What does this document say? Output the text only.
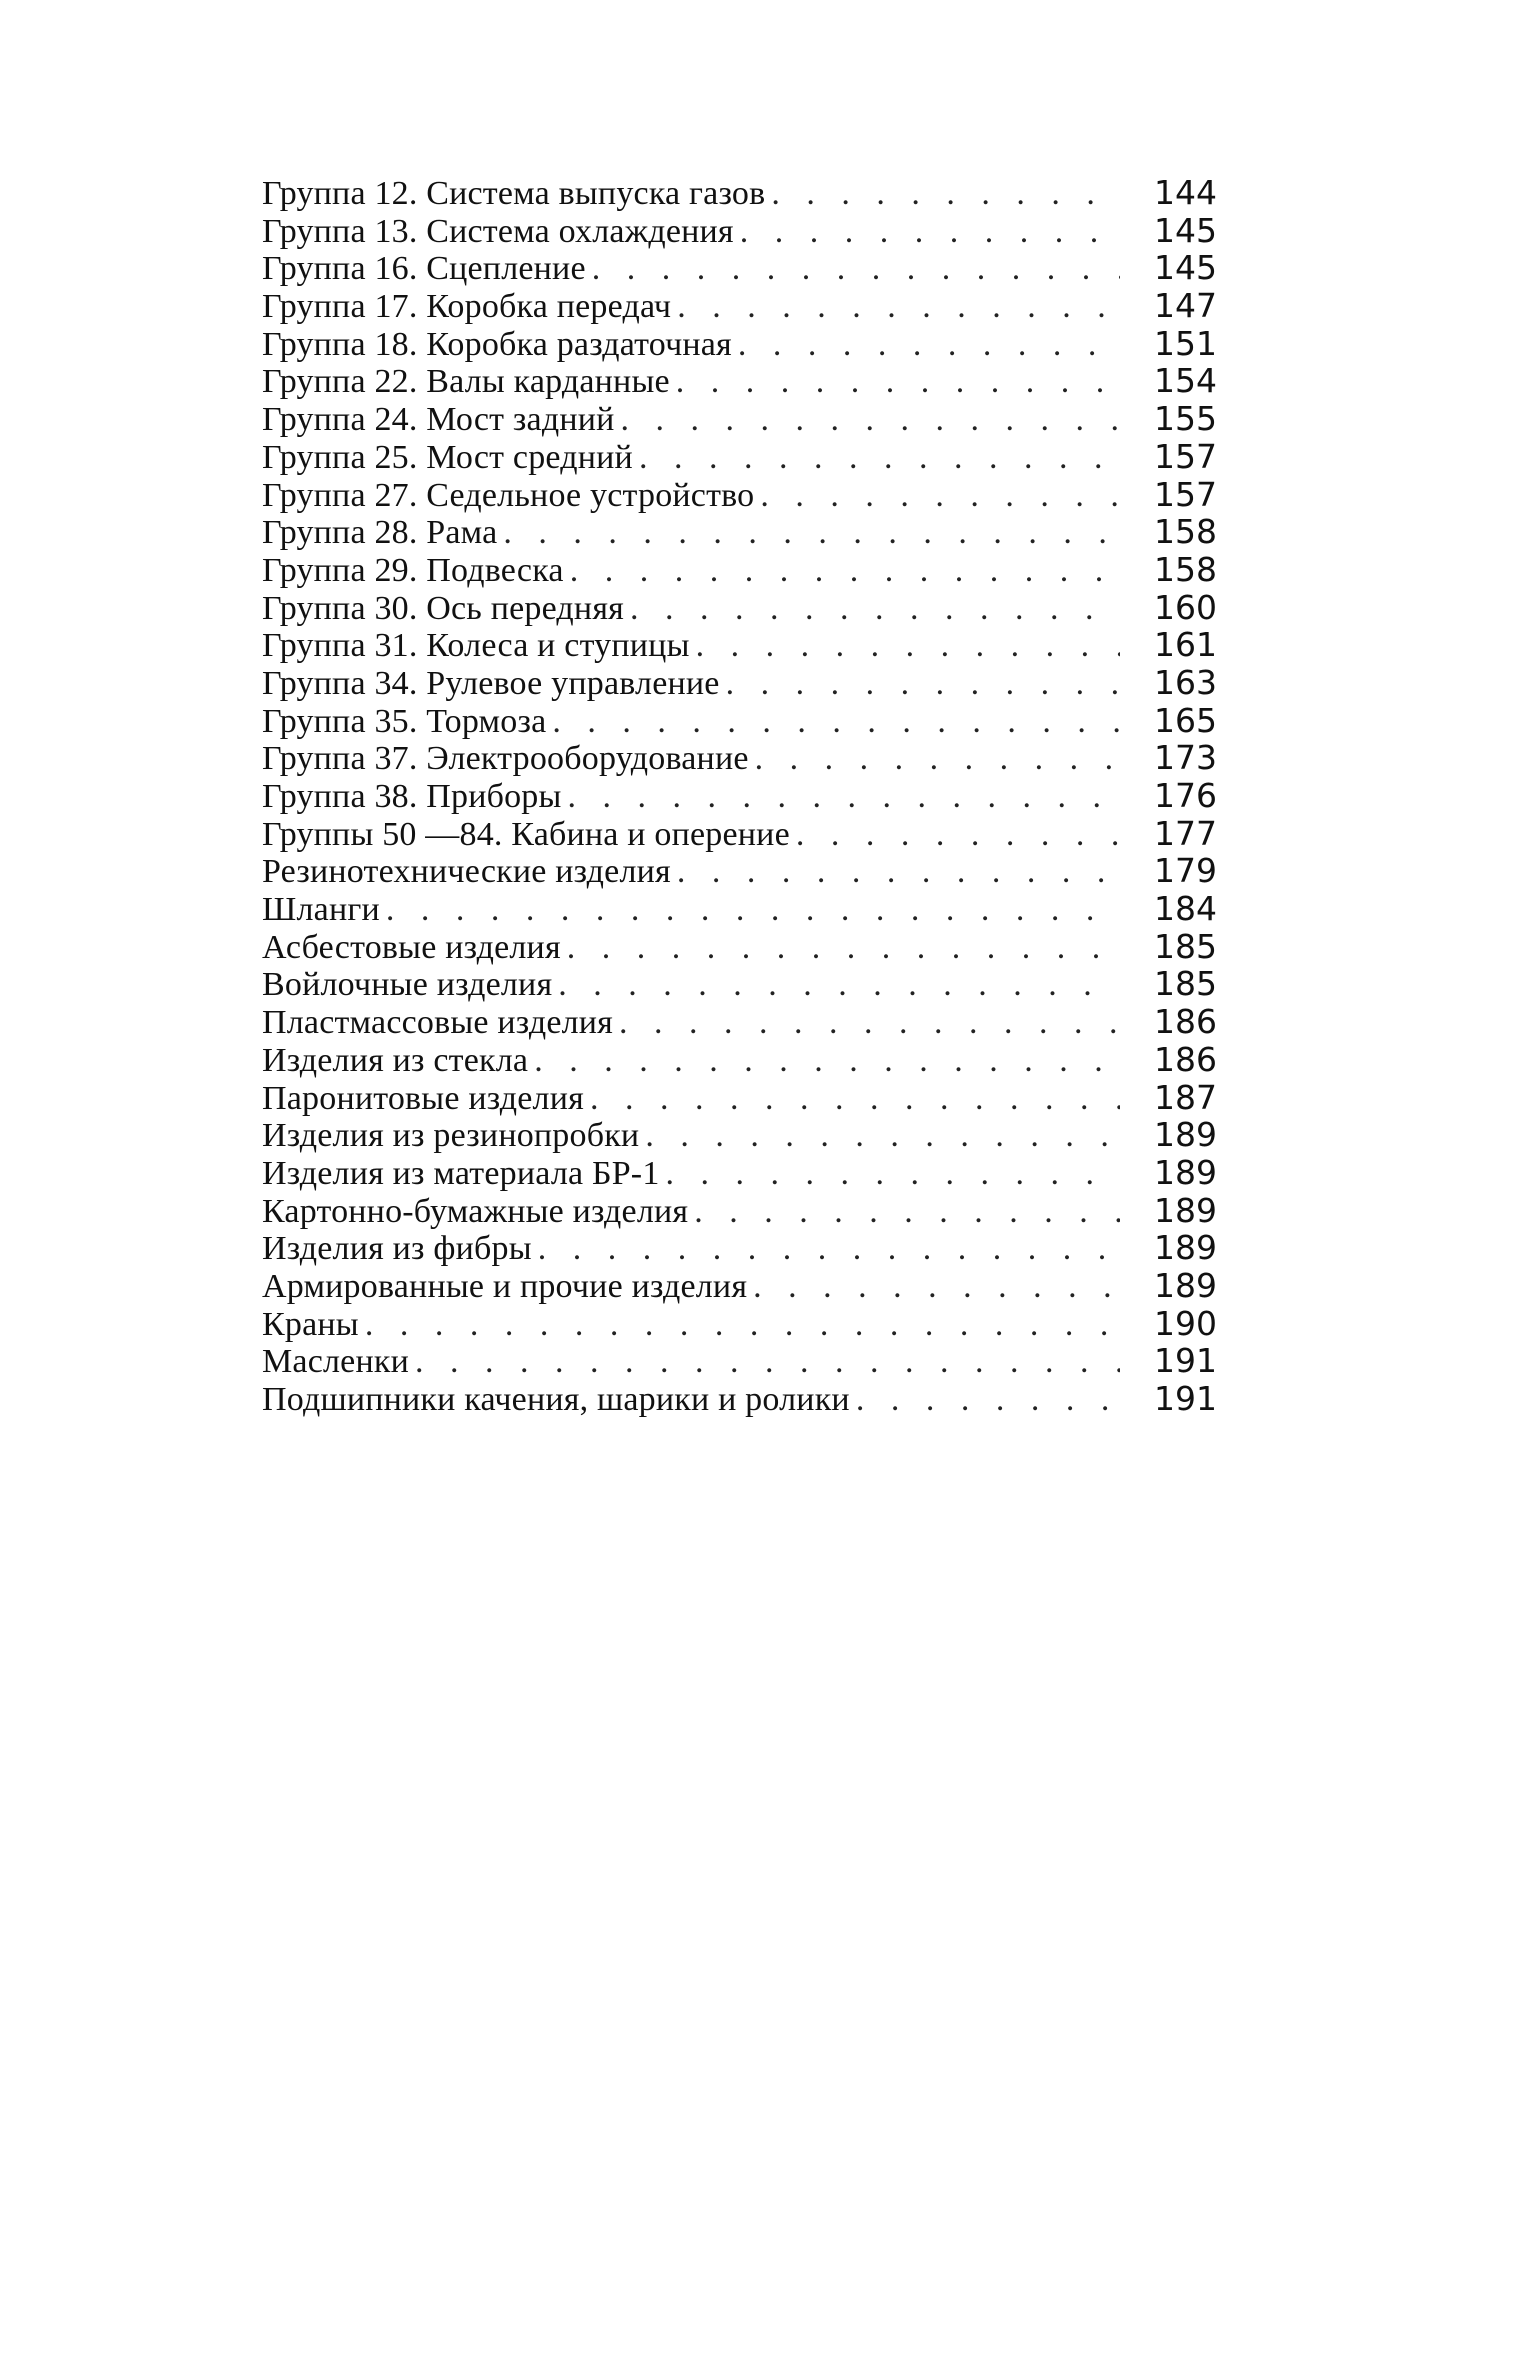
Группа 12. Система выпуска газов . . .	144
Группа 13. Система охлаждения . . .	145
Группа 16. Сцепление . . .	145
Группа 17. Коробка передач . . .	147
Группа 18. Коробка раздаточная . . .	151
Группа 22. Валы карданные . . .	154
Группа 24. Мост задний . . .	155
Группа 25. Мост средний . . .	157
Группа 27. Седельное устройство . . .	157
Группа 28. Рама . . .	158
Группа 29. Подвеска . . .	158
Группа 30. Ось передняя . . .	160
Группа 31. Колеса и ступицы . . .	161
Группа 34. Рулевое управление . . .	163
Группа 35. Тормоза . . .	165
Группа 37. Электрооборудование . . .	173
Группа 38. Приборы . . .	176
Группы 50 —84. Кабина и оперение . . .	177
Резинотехнические изделия . . .	179
Шланги . . .	184
Асбестовые изделия . . .	185
Войлочные изделия . . .	185
Пластмассовые изделия . . .	186
Изделия из стекла . . .	186
Паронитовые изделия . . .	187
Изделия из резинопробки . . .	189
Изделия из материала БР-1 . . .	189
Картонно-бумажные изделия . . .	189
Изделия из фибры . . .	189
Армированные и прочие изделия . . .	189
Краны . . .	190
Масленки . . .	191
Подшипники качения, шарики и ролики . . .	191
